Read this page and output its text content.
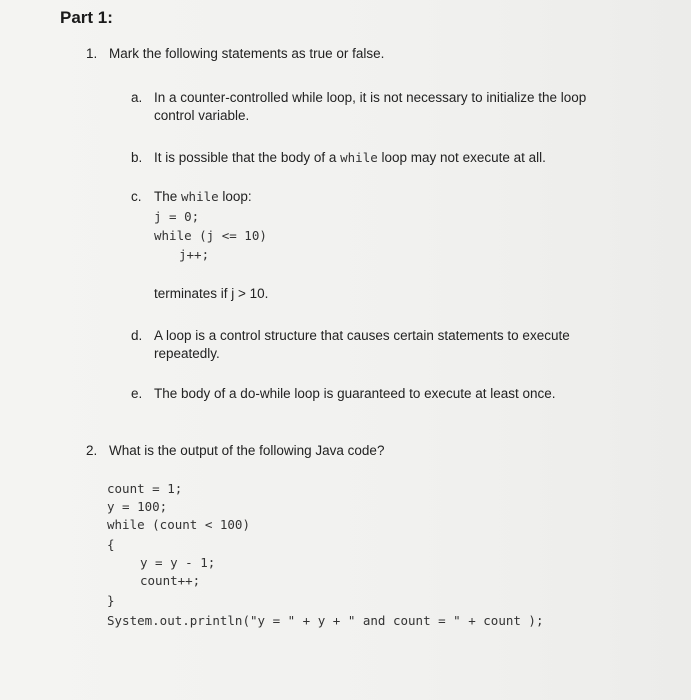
Part 1:
1. Mark the following statements as true or false.
a. In a counter-controlled while loop, it is not necessary to initialize the loop
control variable.
b. It is possible that the body of a while loop may not execute at all.
c. The while loop:
j = 0;
while (j <= 10)
j++;
terminates if j > 10.
d. A loop is a control structure that causes certain statements to execute
repeatedly.
e. The body of a do-while loop is guaranteed to execute at least once.
2. What is the output of the following Java code?
count = 1;
y = 100;
while (count < 100)
{
y = y - 1;
count++;
}
System.out.println("y = " + y + " and count = " + count );
